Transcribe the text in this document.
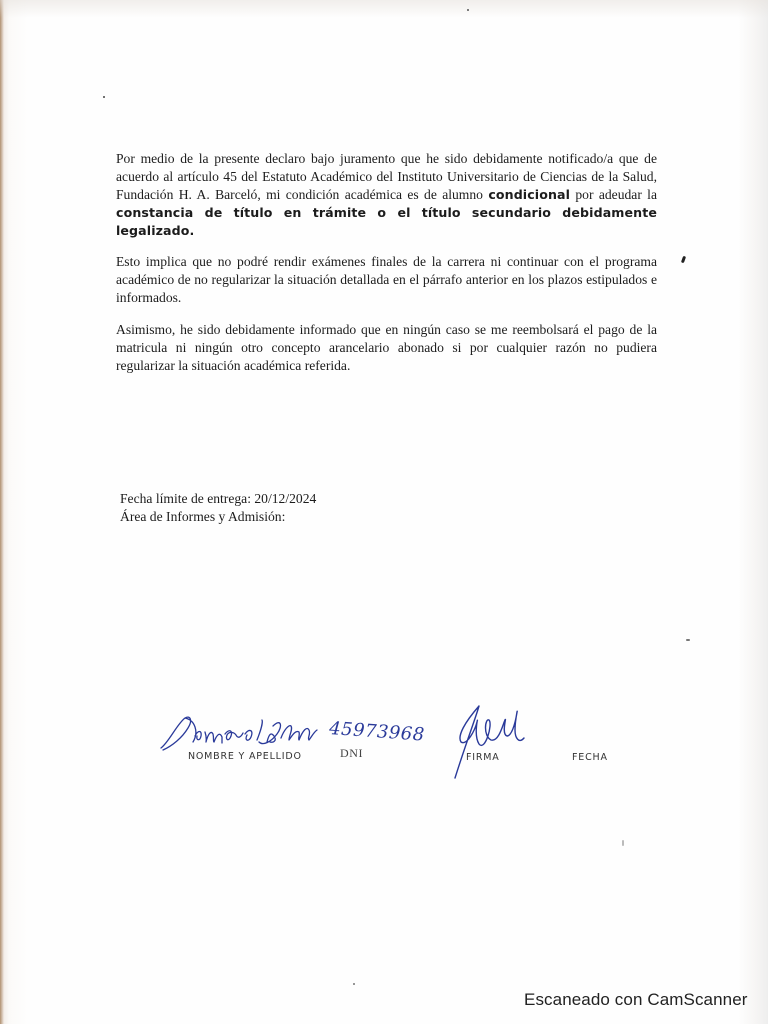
Por medio de la presente declaro bajo juramento que he sido debidamente notificado/a que de acuerdo al artículo 45 del Estatuto Académico del Instituto Universitario de Ciencias de la Salud, Fundación H. A. Barceló, mi condición académica es de alumno condicional por adeudar la constancia de título en trámite o el título secundario debidamente legalizado.

Esto implica que no podré rendir exámenes finales de la carrera ni continuar con el programa académico de no regularizar la situación detallada en el párrafo anterior en los plazos estipulados e informados.

Asimismo, he sido debidamente informado que en ningún caso se me reembolsará el pago de la matricula ni ningún otro concepto arancelario abonado si por cualquier razón no pudiera regularizar la situación académica referida.

Fecha límite de entrega: 20/12/2024
Área de Informes y Admisión:
45973968
NOMBRE Y APELLIDO	DNI	FIRMA	FECHA
Escaneado con CamScanner
